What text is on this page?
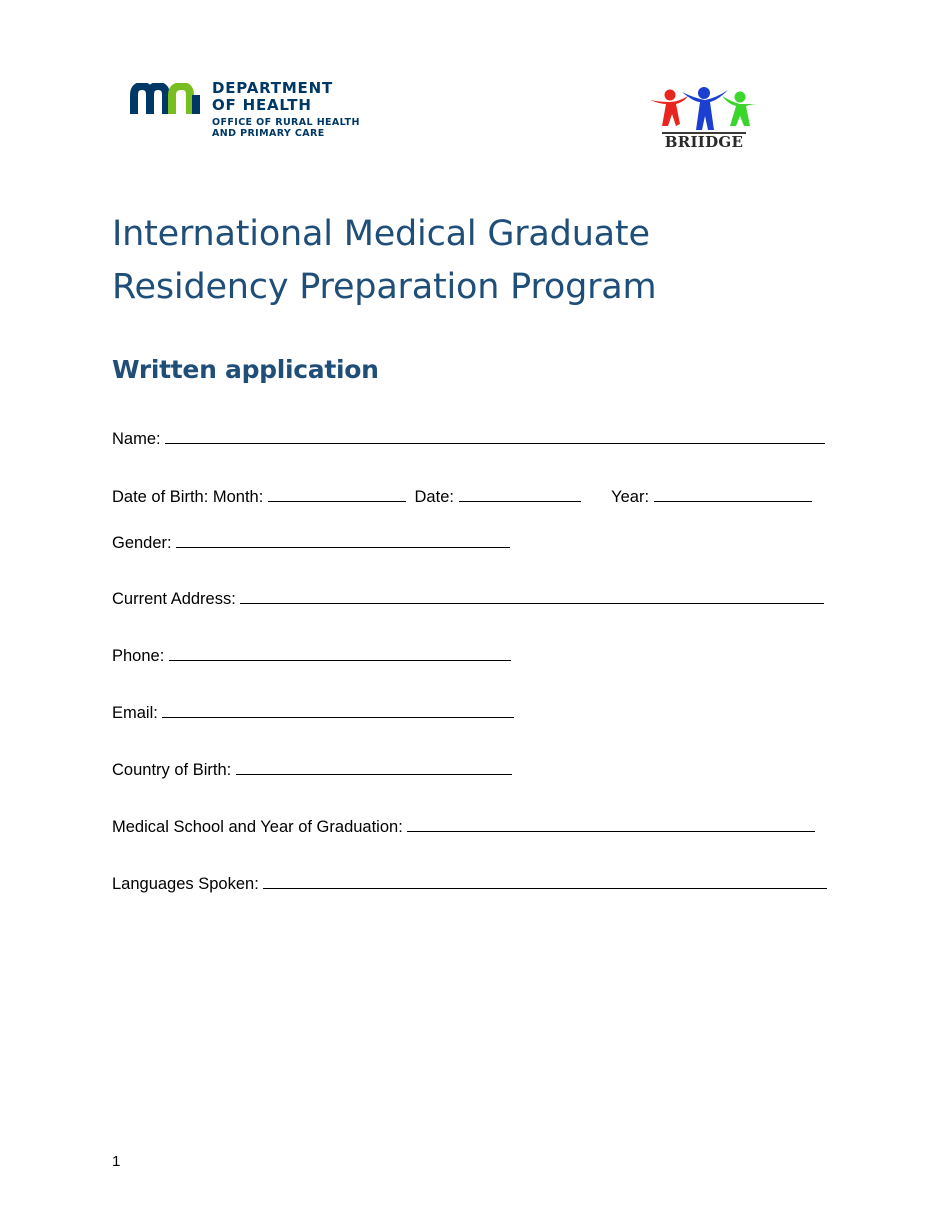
DEPARTMENT
OF HEALTH
OFFICE OF RURAL HEALTH
AND PRIMARY CARE	BRIIDGE
International Medical Graduate
Residency Preparation Program
Written application
Name:
Date of Birth: Month:	Date:	Year:
Gender:
Current Address:
Phone:
Email:
Country of Birth:
Medical School and Year of Graduation:
Languages Spoken:
1
